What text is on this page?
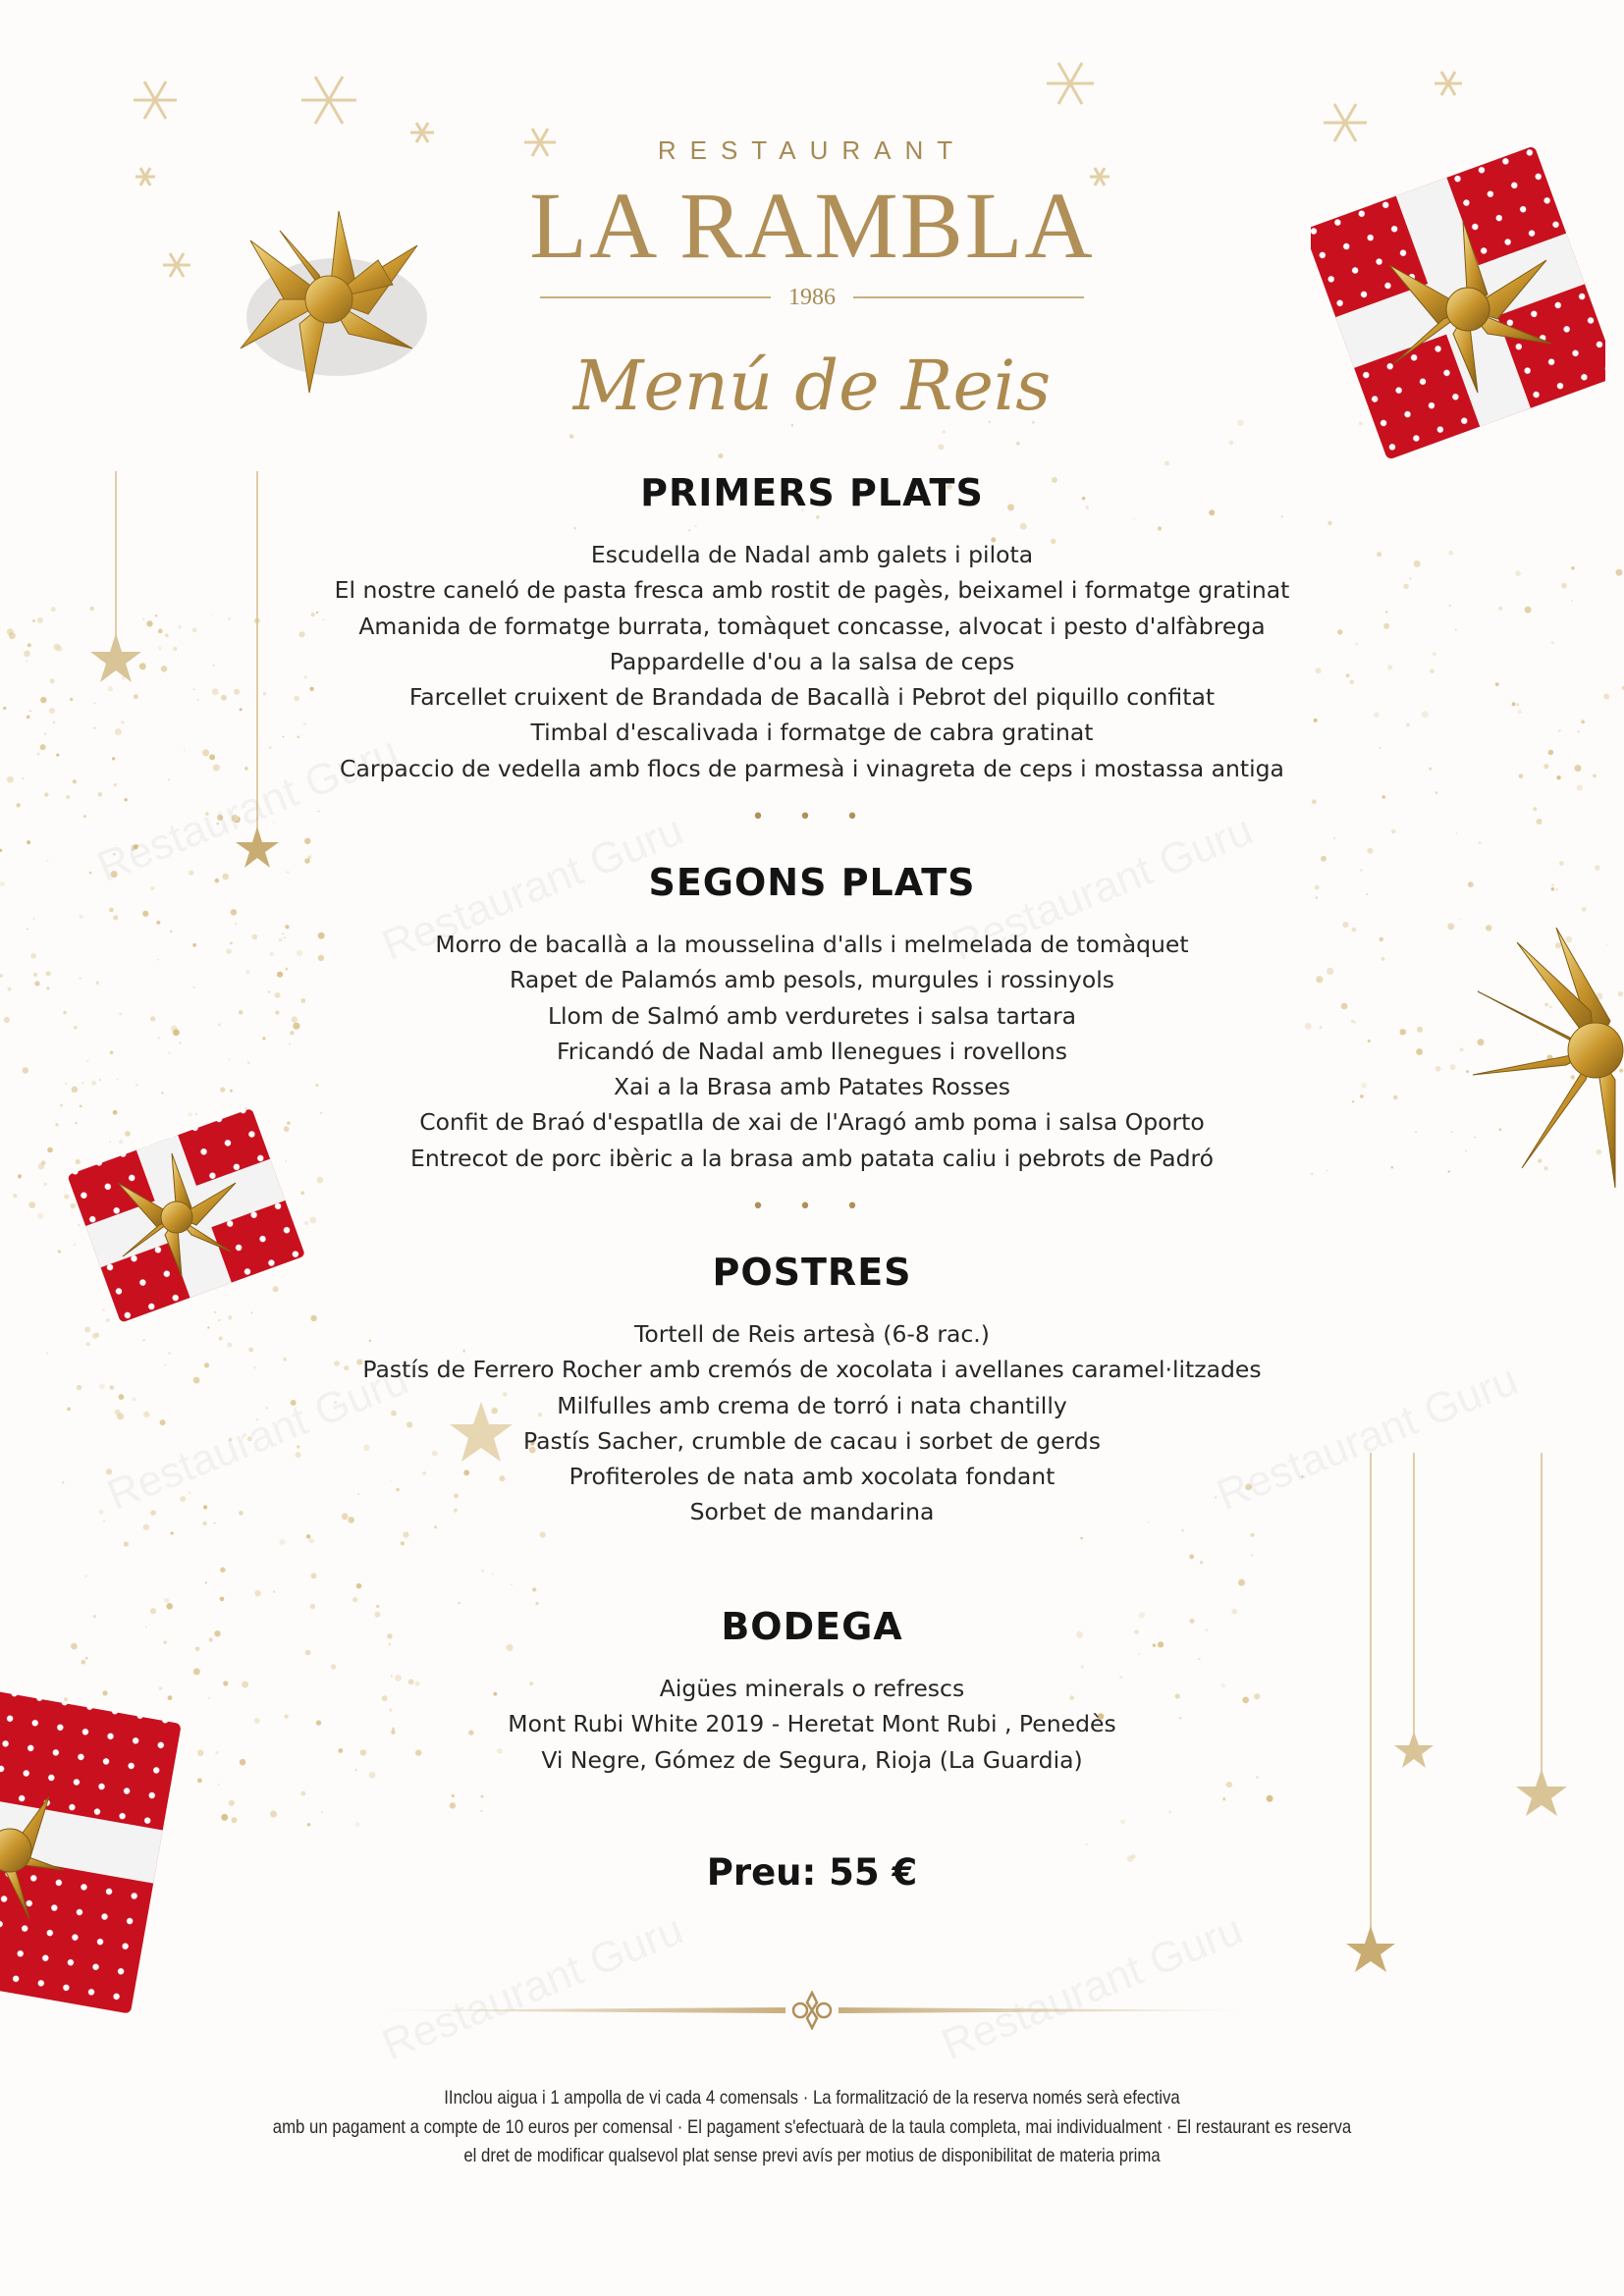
RESTAURANT
LA RAMBLA
1986
Menú de Reis
PRIMERS PLATS
Escudella de Nadal amb galets i pilota
El nostre canelό de pasta fresca amb rostit de pagès, beixamel i formatge gratinat
Amanida de formatge burrata, tomàquet concasse, alvocat i pesto d'alfàbrega
Pappardelle d'ou a la salsa de ceps
Farcellet cruixent de Brandada de Bacallà i Pebrot del piquillo confitat
Timbal d'escalivada i formatge de cabra gratinat
Carpaccio de vedella amb flocs de parmesà i vinagreta de ceps i mostassa antiga
• • •
SEGONS PLATS
Morro de bacallà a la mousselina d'alls i melmelada de tomàquet
Rapet de Palamós amb pesols, murgules i rossinyols
Llom de Salmó amb verduretes i salsa tartara
Fricandó de Nadal amb llenegues i rovellons
Xai a la Brasa amb Patates Rosses
Confit de Braó d'espatlla de xai de l'Aragó amb poma i salsa Oporto
Entrecot de porc ibèric a la brasa amb patata caliu i pebrots de Padró
• • •
POSTRES
Tortell de Reis artesà (6-8 rac.)
Pastís de Ferrero Rocher amb cremós de xocolata i avellanes caramel·litzades
Milfulles amb crema de torró i nata chantilly
Pastís Sacher, crumble de cacau i sorbet de gerds
Profiteroles de nata amb xocolata fondant
Sorbet de mandarina
BODEGA
Aigües minerals o refrescs
Mont Rubi White 2019 - Heretat Mont Rubi , Penedès
Vi Negre, Gómez de Segura, Rioja (La Guardia)
Preu: 55 €

IInclou aigua i 1 ampolla de vi cada 4 comensals · La formalització de la reserva només serà efectiva

amb un pagament a compte de 10 euros per comensal · El pagament s'efectuarà de la taula completa, mai individualment · El restaurant es reserva

el dret de modificar qualsevol plat sense previ avís per motius de disponibilitat de materia prima
